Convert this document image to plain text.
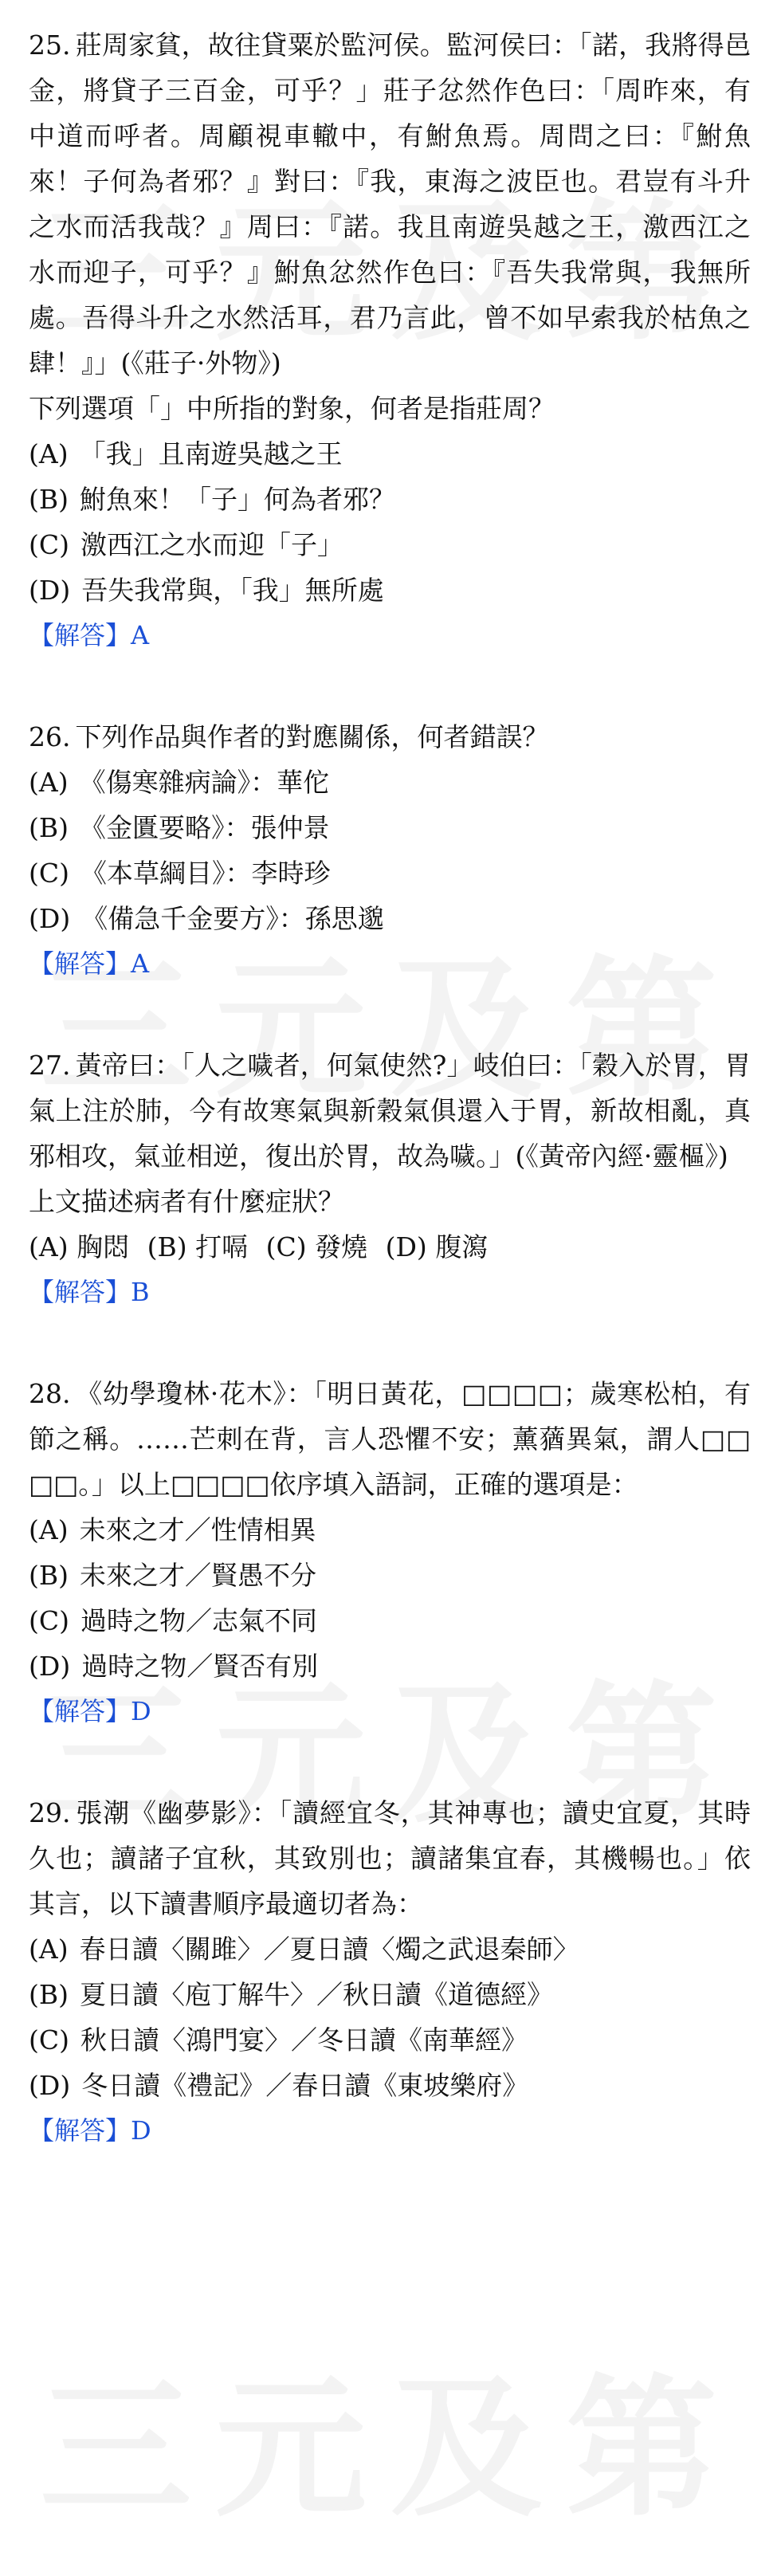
25. 莊周家貧，故往貸粟於監河侯。監河侯曰：「諾，我將得邑金，將貸子三百金，可乎？」莊子忿然作色曰：「周昨來，有中道而呼者。周顧視車轍中，有鮒魚焉。周問之曰：『鮒魚來！子何為者邪？』對曰：『我，東海之波臣也。君豈有斗升之水而活我哉？』周曰：『諾。我且南遊吳越之王，激西江之水而迎子，可乎？』鮒魚忿然作色曰：『吾失我常與，我無所處。吾得斗升之水然活耳，君乃言此，曾不如早索我於枯魚之肆！』」(《莊子·外物》)

下列選項「」中所指的對象，何者是指莊周？

(A) 「我」且南遊吳越之王

(B) 鮒魚來！「子」何為者邪？

(C) 激西江之水而迎「子」

(D) 吾失我常與，「我」無所處

【解答】A

26. 下列作品與作者的對應關係，何者錯誤？

(A) 《傷寒雜病論》：華佗

(B) 《金匱要略》：張仲景

(C) 《本草綱目》：李時珍

(D) 《備急千金要方》：孫思邈

【解答】A

27. 黃帝曰：「人之噦者，何氣使然?」岐伯曰：「穀入於胃，胃氣上注於肺，今有故寒氣與新穀氣俱還入于胃，新故相亂，真邪相攻，氣並相逆，復出於胃，故為噦。」(《黃帝內經·靈樞》)

上文描述病者有什麼症狀？

(A) 胸悶 (B) 打嗝 (C) 發燒 (D) 腹瀉

【解答】B

28. 《幼學瓊林·花木》：「明日黃花，□□□□；歲寒松柏，有節之稱。……芒刺在背，言人恐懼不安；薰蕕異氣，謂人□□□□。」以上□□□□依序填入語詞，正確的選項是：

(A) 未來之才／性情相異

(B) 未來之才／賢愚不分

(C) 過時之物／志氣不同

(D) 過時之物／賢否有別

【解答】D

29. 張潮《幽夢影》：「讀經宜冬，其神專也；讀史宜夏，其時久也；讀諸子宜秋，其致別也；讀諸集宜春，其機暢也。」依其言，以下讀書順序最適切者為：

(A) 春日讀〈關雎〉／夏日讀〈燭之武退秦師〉

(B) 夏日讀〈庖丁解牛〉／秋日讀《道德經》

(C) 秋日讀〈鴻門宴〉／冬日讀《南華經》

(D) 冬日讀《禮記》／春日讀《東坡樂府》

【解答】D
